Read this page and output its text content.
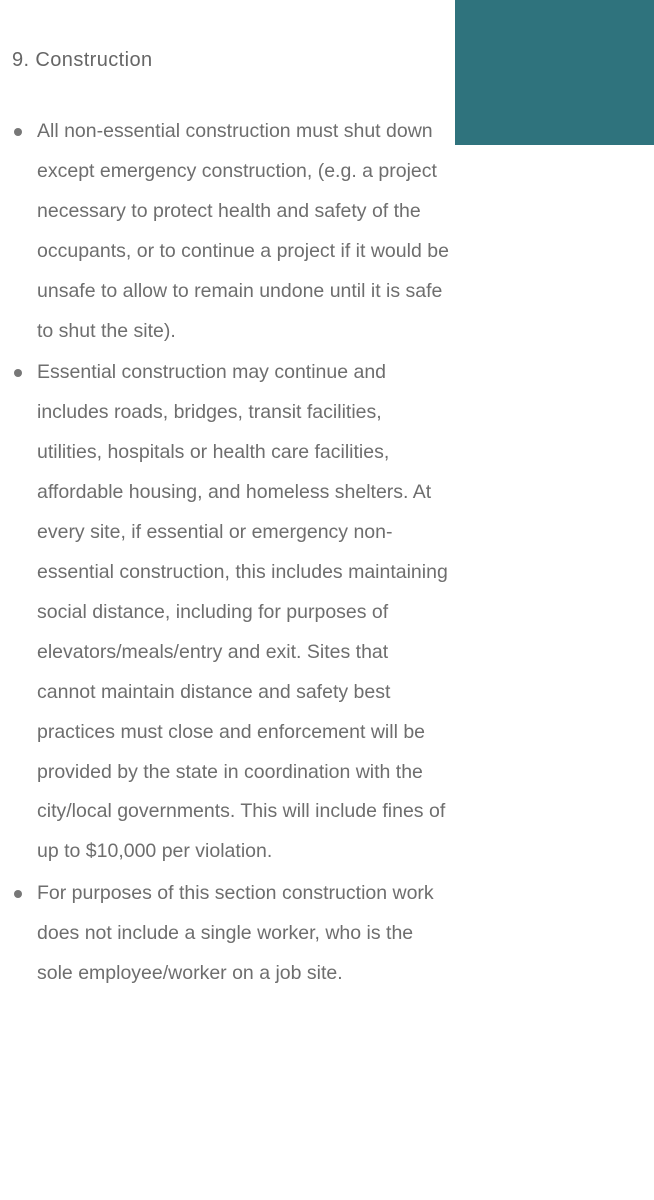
9. Construction
All non-essential construction must shut down except emergency construction, (e.g. a project necessary to protect health and safety of the occupants, or to continue a project if it would be unsafe to allow to remain undone until it is safe to shut the site).
Essential construction may continue and includes roads, bridges, transit facilities, utilities, hospitals or health care facilities, affordable housing, and homeless shelters. At every site, if essential or emergency non-essential construction, this includes maintaining social distance, including for purposes of elevators/meals/entry and exit. Sites that cannot maintain distance and safety best practices must close and enforcement will be provided by the state in coordination with the city/local governments. This will include fines of up to $10,000 per violation.
For purposes of this section construction work does not include a single worker, who is the sole employee/worker on a job site.
